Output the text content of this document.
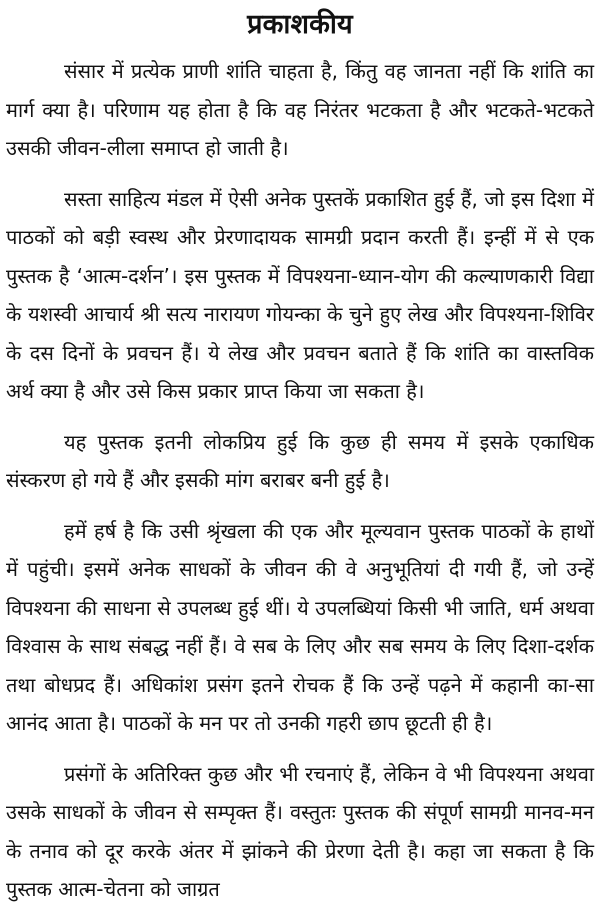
प्रकाशकीय

संसार में प्रत्येक प्राणी शांति चाहता है, किंतु वह जानता नहीं कि शांति का मार्ग क्या है। परिणाम यह होता है कि वह निरंतर भटकता है और भटकते-भटकते उसकी जीवन-लीला समाप्त हो जाती है।

सस्ता साहित्य मंडल में ऐसी अनेक पुस्तकें प्रकाशित हुई हैं, जो इस दिशा में पाठकों को बड़ी स्वस्थ और प्रेरणादायक सामग्री प्रदान करती हैं। इन्हीं में से एक पुस्तक है ‘आत्म-दर्शन’। इस पुस्तक में विपश्यना-ध्यान-योग की कल्याणकारी विद्या के यशस्वी आचार्य श्री सत्य नारायण गोयन्का के चुने हुए लेख और विपश्यना-शिविर के दस दिनों के प्रवचन हैं। ये लेख और प्रवचन बताते हैं कि शांति का वास्तविक अर्थ क्या है और उसे किस प्रकार प्राप्त किया जा सकता है।

यह पुस्तक इतनी लोकप्रिय हुई कि कुछ ही समय में इसके एकाधिक संस्करण हो गये हैं और इसकी मांग बराबर बनी हुई है।

हमें हर्ष है कि उसी श्रृंखला की एक और मूल्यवान पुस्तक पाठकों के हाथों में पहुंची। इसमें अनेक साधकों के जीवन की वे अनुभूतियां दी गयी हैं, जो उन्हें विपश्यना की साधना से उपलब्ध हुई थीं। ये उपलब्धियां किसी भी जाति, धर्म अथवा विश्वास के साथ संबद्ध नहीं हैं। वे सब के लिए और सब समय के लिए दिशा-दर्शक तथा बोधप्रद हैं। अधिकांश प्रसंग इतने रोचक हैं कि उन्हें पढ़ने में कहानी का-सा आनंद आता है। पाठकों के मन पर तो उनकी गहरी छाप छूटती ही है।

प्रसंगों के अतिरिक्त कुछ और भी रचनाएं हैं, लेकिन वे भी विपश्यना अथवा उसके साधकों के जीवन से सम्पृक्त हैं। वस्तुतः पुस्तक की संपूर्ण सामग्री मानव-मन के तनाव को दूर करके अंतर में झांकने की प्रेरणा देती है। कहा जा सकता है कि पुस्तक आत्म-चेतना को जाग्रत
